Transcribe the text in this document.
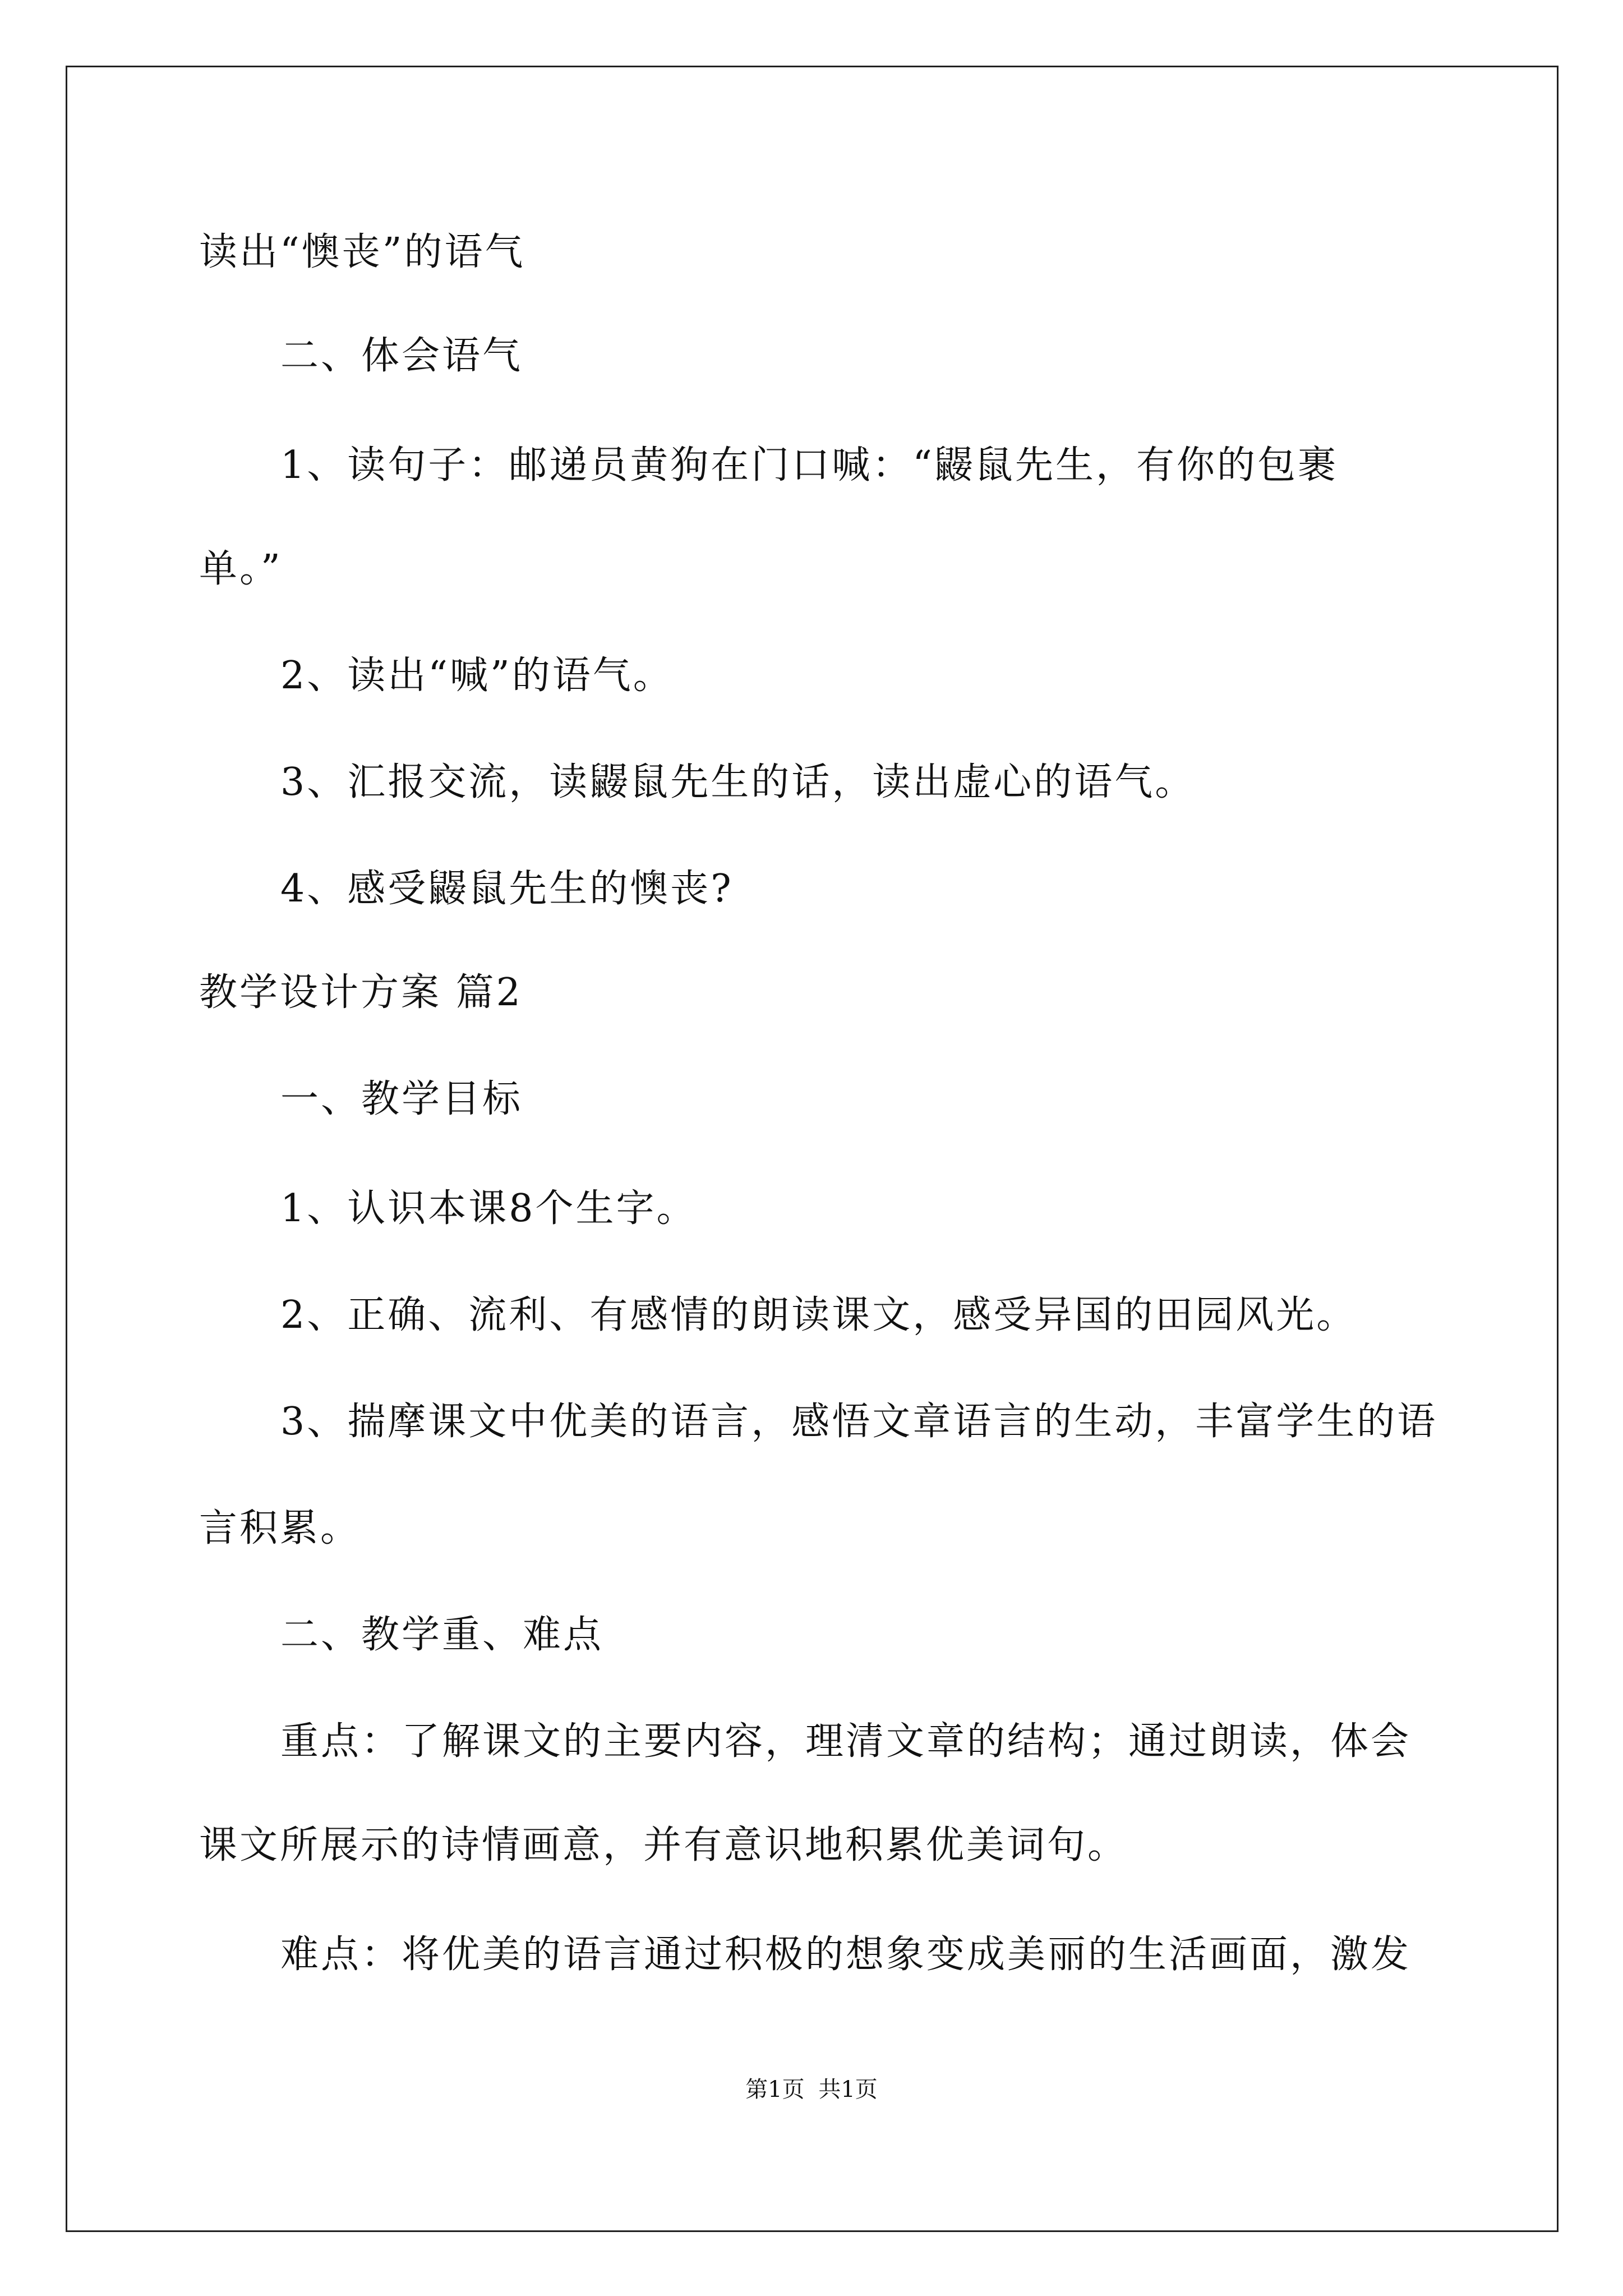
读出“懊丧”的语气
二、体会语气
1、读句子：邮递员黄狗在门口喊：“鼹鼠先生，有你的包裹
单。”
2、读出“喊”的语气。
3、汇报交流，读鼹鼠先生的话，读出虚心的语气。
4、感受鼹鼠先生的懊丧?
教学设计方案 篇2
一、教学目标
1、认识本课8个生字。
2、正确、流利、有感情的朗读课文，感受异国的田园风光。
3、揣摩课文中优美的语言，感悟文章语言的生动，丰富学生的语
言积累。
二、教学重、难点
重点：了解课文的主要内容，理清文章的结构；通过朗读，体会
课文所展示的诗情画意，并有意识地积累优美词句。
难点：将优美的语言通过积极的想象变成美丽的生活画面，激发
第1页 共1页
